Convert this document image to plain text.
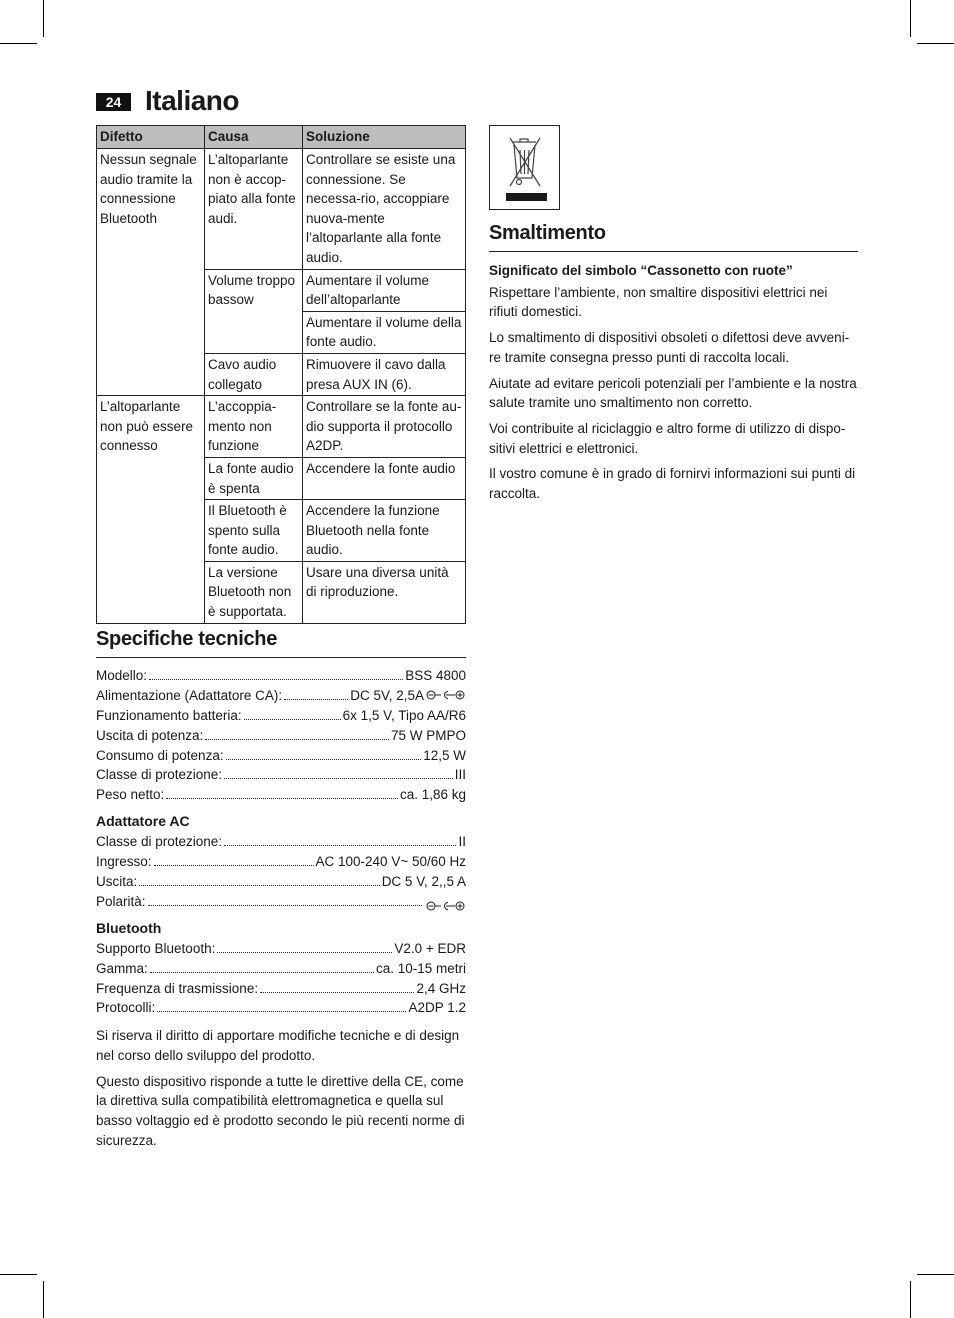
24 Italiano
Difetto	Causa	Soluzione
Nessun segnale audio tramite la connessione Bluetooth	L’altoparlante non è accop-piato alla fonte audi.	Controllare se esiste una connessione. Se necessa-rio, accoppiare nuova-mente l’altoparlante alla fonte audio.
	Volume troppo bassow	Aumentare il volume dell’altoparlante
		Aumentare il volume della fonte audio.
	Cavo audio collegato	Rimuovere il cavo dalla presa AUX IN (6).
L’altoparlante non può essere connesso	L’accoppia-mento non funzione	Controllare se la fonte au-dio supporta il protocollo A2DP.
	La fonte audio è spenta	Accendere la fonte audio
	Il Bluetooth è spento sulla fonte audio.	Accendere la funzione Bluetooth nella fonte audio.
	La versione Bluetooth non è supportata.	Usare una diversa unità di riproduzione.
Specifiche tecniche
Modello:	BSS 4800
Alimentazione (Adattatore CA):	DC 5V, 2,5A
Funzionamento batteria:	6x 1,5 V, Tipo AA/R6
Uscita di potenza:	75 W PMPO
Consumo di potenza:	12,5 W
Classe di protezione:	III
Peso netto:	ca. 1,86 kg
Adattatore AC
Classe di protezione:	II
Ingresso:	AC 100-240 V~ 50/60 Hz
Uscita:	DC 5 V, 2,,5 A
Polarità:
Bluetooth
Supporto Bluetooth:	V2.0 + EDR
Gamma:	ca. 10-15 metri
Frequenza di trasmissione:	2,4 GHz
Protocolli:	A2DP 1.2

Si riserva il diritto di apportare modifiche tecniche e di design nel corso dello sviluppo del prodotto.

Questo dispositivo risponde a tutte le direttive della CE, come la direttiva sulla compatibilità elettromagnetica e quella sul basso voltaggio ed è prodotto secondo le più recenti norme di sicurezza.

Smaltimento

Significato del simbolo “Cassonetto con ruote”

Rispettare l’ambiente, non smaltire dispositivi elettrici nei rifiuti domestici.

Lo smaltimento di dispositivi obsoleti o difettosi deve avveni-re tramite consegna presso punti di raccolta locali.

Aiutate ad evitare pericoli potenziali per l’ambiente e la nostra salute tramite uno smaltimento non corretto.

Voi contribuite al riciclaggio e altro forme di utilizzo di dispo-sitivi elettrici e elettronici.

Il vostro comune è in grado di fornirvi informazioni sui punti di raccolta.
